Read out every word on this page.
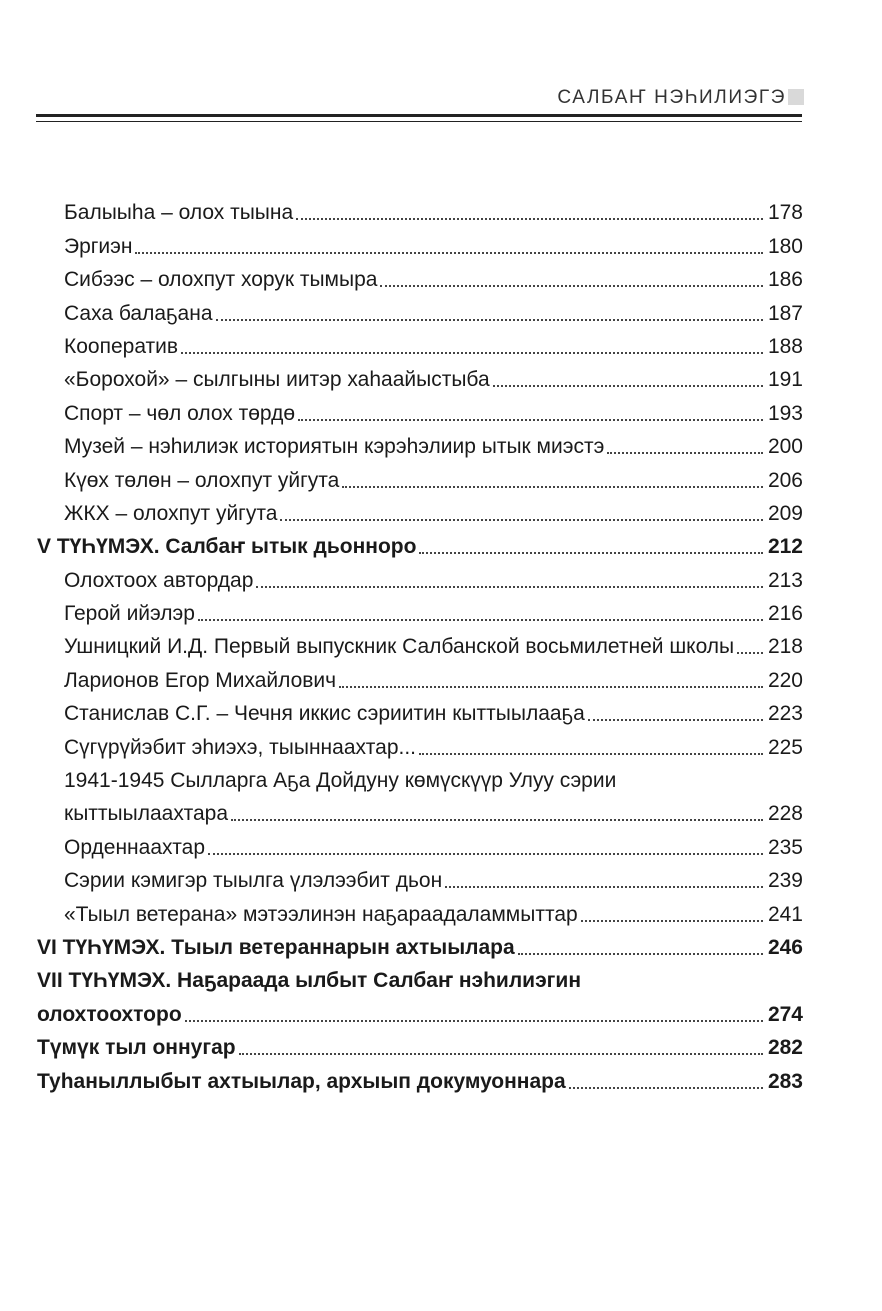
САЛБАҤ НЭҺИЛИЭГЭ
Балыыһа – олох тыына	178
Эргиэн	180
Сибээс – олохпут хорук тымыра	186
Саха балаҕана	187
Кооператив	188
«Борохой» – сылгыны иитэр хаһаайыстыба	191
Спорт – чөл олох төрдө	193
Музей – нэһилиэк историятын кэрэһэлиир ытык миэстэ	200
Күөх төлөн – олохпут уйгута	206
ЖКХ – олохпут уйгута	209
V ТҮҺҮМЭХ. Салбаҥ ытык дьонноро	212
Олохтоох автордар	213
Герой ийэлэр	216
Ушницкий И.Д. Первый выпускник Салбанской восьмилетней школы 218
Ларионов Егор Михайлович	220
Станислав С.Г. – Чечня иккис сэриитин кыттыылааҕа	223
Сүгүрүйэбит эһиэхэ, тыыннаахтар...	225
1941-1945 Сылларга Аҕа Дойдуну көмүскүүр Улуу сэрии
кыттыылаахтара	228
Орденнаахтар	235
Сэрии кэмигэр тыылга үлэлээбит дьон	239
«Тыыл ветерана» мэтээлинэн наҕараадаламмыттар	241
VI ТҮҺҮМЭХ. Тыыл ветераннарын ахтыылара	246
VII ТҮҺҮМЭХ. Наҕараада ылбыт Салбаҥ нэһилиэгин
олохтоохторо	274
Түмүк тыл оннугар	282
Туһаныллыбыт ахтыылар, архыып докумуоннара	283
